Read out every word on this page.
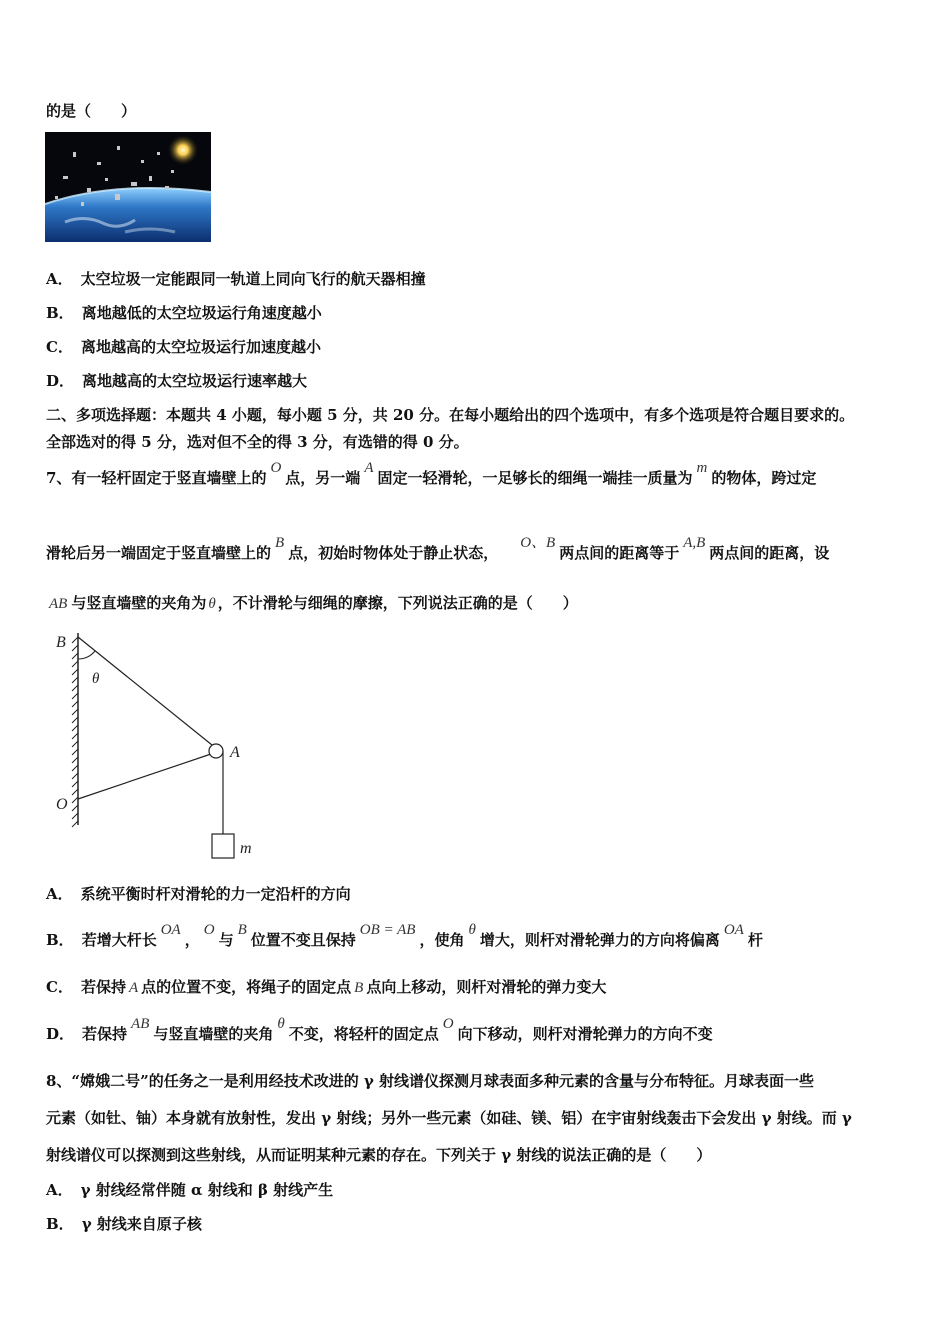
的是（　　）
A． 太空垃圾一定能跟同一轨道上同向飞行的航天器相撞
B． 离地越低的太空垃圾运行角速度越小
C． 离地越高的太空垃圾运行加速度越小
D． 离地越高的太空垃圾运行速率越大
二、多项选择题：本题共 4 小题，每小题 5 分，共 20 分。在每小题给出的四个选项中，有多个选项是符合题目要求的。
全部选对的得 5 分，选对但不全的得 3 分，有选错的得 0 分。
7、有一轻杆固定于竖直墙壁上的O点，另一端A固定一轻滑轮，一足够长的细绳一端挂一质量为m的物体，跨过定
滑轮后另一端固定于竖直墙壁上的B点，初始时物体处于静止状态，O、B两点间的距离等于A,B两点间的距离，设
AB 与竖直墙壁的夹角为 θ ，不计滑轮与细绳的摩擦，下列说法正确的是（　　）
B
θ
A
O
m
A． 系统平衡时杆对滑轮的力一定沿杆的方向
B． 若增大杆长OA，O与B位置不变且保持OB = AB，使角θ增大，则杆对滑轮弹力的方向将偏离OA杆
C． 若保持 A 点的位置不变，将绳子的固定点 B 点向上移动，则杆对滑轮的弹力变大
D． 若保持AB与竖直墙壁的夹角θ不变，将轻杆的固定点O向下移动，则杆对滑轮弹力的方向不变
8、“嫦娥二号”的任务之一是利用经技术改进的 γ 射线谱仪探测月球表面多种元素的含量与分布特征。月球表面一些
元素（如钍、铀）本身就有放射性，发出 γ 射线；另外一些元素（如硅、镁、铝）在宇宙射线轰击下会发出 γ 射线。而 γ
射线谱仪可以探测到这些射线，从而证明某种元素的存在。下列关于 γ 射线的说法正确的是（　　）
A． γ 射线经常伴随 α 射线和 β 射线产生
B． γ 射线来自原子核
